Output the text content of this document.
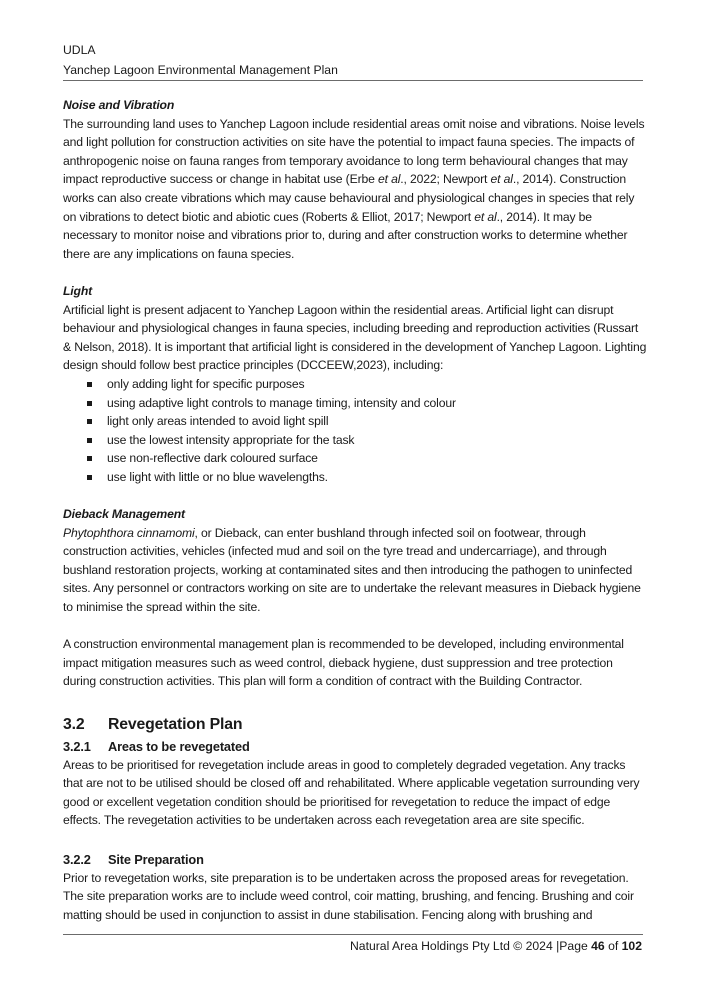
UDLA
Yanchep Lagoon Environmental Management Plan

Noise and Vibration

The surrounding land uses to Yanchep Lagoon include residential areas omit noise and vibrations. Noise levels and light pollution for construction activities on site have the potential to impact fauna species. The impacts of anthropogenic noise on fauna ranges from temporary avoidance to long term behavioural changes that may impact reproductive success or change in habitat use (Erbe et al., 2022; Newport et al., 2014). Construction works can also create vibrations which may cause behavioural and physiological changes in species that rely on vibrations to detect biotic and abiotic cues (Roberts & Elliot, 2017; Newport et al., 2014). It may be necessary to monitor noise and vibrations prior to, during and after construction works to determine whether there are any implications on fauna species.

Light

Artificial light is present adjacent to Yanchep Lagoon within the residential areas. Artificial light can disrupt behaviour and physiological changes in fauna species, including breeding and reproduction activities (Russart & Nelson, 2018). It is important that artificial light is considered in the development of Yanchep Lagoon. Lighting design should follow best practice principles (DCCEEW,2023), including:

only adding light for specific purposes
using adaptive light controls to manage timing, intensity and colour
light only areas intended to avoid light spill
use the lowest intensity appropriate for the task
use non-reflective dark coloured surface
use light with little or no blue wavelengths.

Dieback Management

Phytophthora cinnamomi, or Dieback, can enter bushland through infected soil on footwear, through construction activities, vehicles (infected mud and soil on the tyre tread and undercarriage), and through bushland restoration projects, working at contaminated sites and then introducing the pathogen to uninfected sites. Any personnel or contractors working on site are to undertake the relevant measures in Dieback hygiene to minimise the spread within the site.

A construction environmental management plan is recommended to be developed, including environmental impact mitigation measures such as weed control, dieback hygiene, dust suppression and tree protection during construction activities. This plan will form a condition of contract with the Building Contractor.

3.2	Revegetation Plan
3.2.1	Areas to be revegetated

Areas to be prioritised for revegetation include areas in good to completely degraded vegetation. Any tracks that are not to be utilised should be closed off and rehabilitated. Where applicable vegetation surrounding very good or excellent vegetation condition should be prioritised for revegetation to reduce the impact of edge effects. The revegetation activities to be undertaken across each revegetation area are site specific.

3.2.2	Site Preparation

Prior to revegetation works, site preparation is to be undertaken across the proposed areas for revegetation. The site preparation works are to include weed control, coir matting, brushing, and fencing. Brushing and coir matting should be used in conjunction to assist in dune stabilisation. Fencing along with brushing and

Natural Area Holdings Pty Ltd © 2024 |Page 46 of 102
